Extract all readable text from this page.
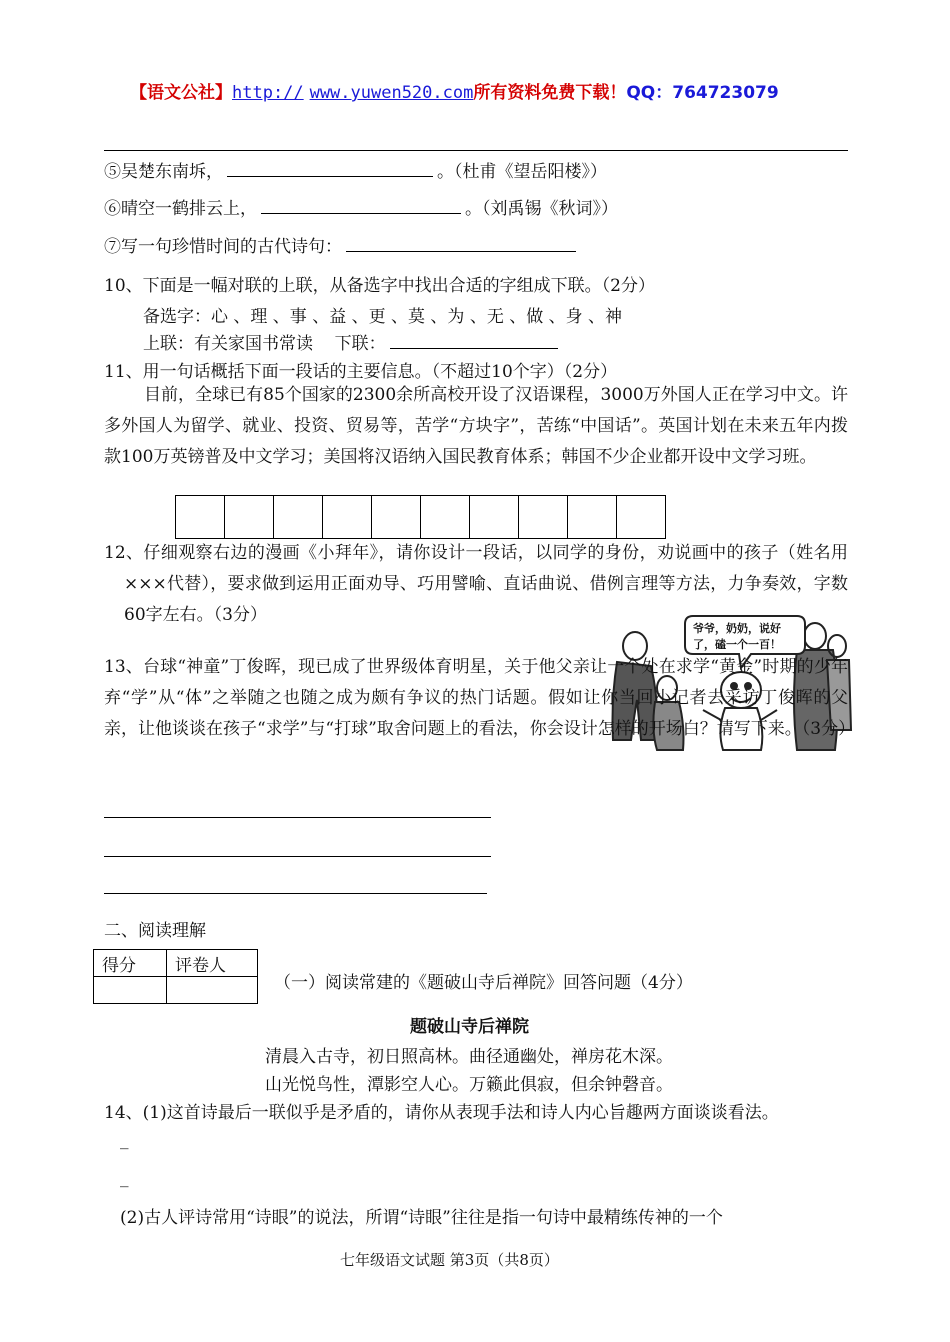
【语文公社】http:// www.yuwen520.com所有资料免费下载！QQ：764723079
⑤吴楚东南坼，	。（杜甫《望岳阳楼》）
⑥晴空一鹤排云上，	。（刘禹锡《秋词》）
⑦写一句珍惜时间的古代诗句：
10、下面是一幅对联的上联，从备选字中找出合适的字组成下联。（2分）
备选字：心 、理 、事 、益 、更 、莫 、为 、无 、做 、身 、神
上联：有关家国书常读 下联：
11、用一句话概括下面一段话的主要信息。（不超过10个字）（2分）
目前，全球已有85个国家的2300余所高校开设了汉语课程，3000万外国人正在学习中文。许多外国人为留学、就业、投资、贸易等，苦学“方块字”，苦练“中国话”。英国计划在未来五年内拨款100万英镑普及中文学习；美国将汉语纳入国民教育体系；韩国不少企业都开设中文学习班。
12、仔细观察右边的漫画《小拜年》，请你设计一段话，以同学的身份，劝说画中的孩子（姓名用×××代替），要求做到运用正面劝导、巧用譬喻、直话曲说、借例言理等方法，力争奏效，字数60字左右。（3分）
爷爷，奶奶，说好
了，磕一个一百！
13、台球“神童”丁俊晖，现已成了世界级体育明星，关于他父亲让一个处在求学“黄金”时期的少年弃“学”从“体”之举随之也随之成为颇有争议的热门话题。假如让你当回小记者去采访丁俊晖的父亲，让他谈谈在孩子“求学”与“打球”取舍问题上的看法，你会设计怎样的开场白？请写下来。（3分）
二、阅读理解
得分	评卷人

（一）阅读常建的《题破山寺后禅院》回答问题（4分）
题破山寺后禅院
清晨入古寺，初日照高林。曲径通幽处，禅房花木深。
山光悦鸟性，潭影空人心。万籁此俱寂，但余钟磬音。
14、(1)这首诗最后一联似乎是矛盾的，请你从表现手法和诗人内心旨趣两方面谈谈看法。
_
_
(2)古人评诗常用“诗眼”的说法，所谓“诗眼”往往是指一句诗中最精练传神的一个
七年级语文试题 第3页（共8页）
